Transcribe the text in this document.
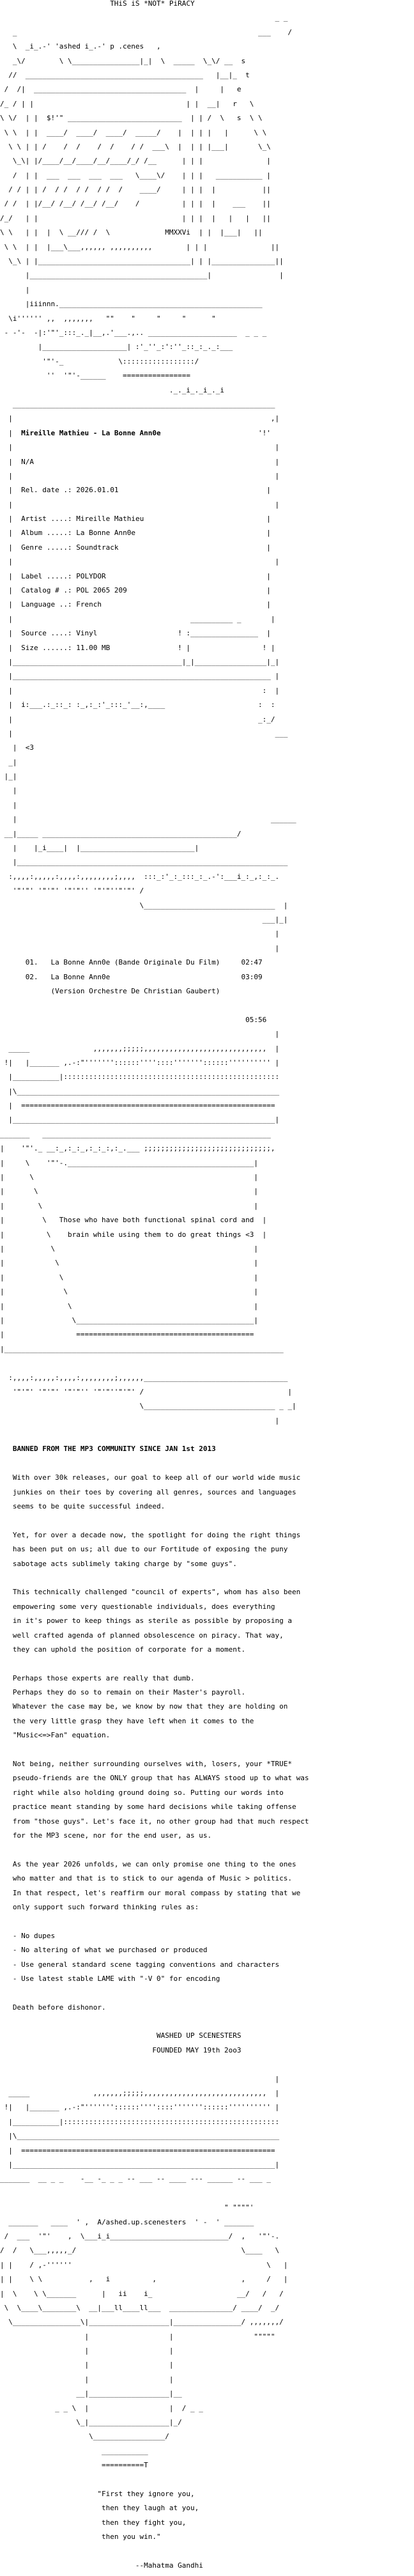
THiS iS *NOT* PiRACY

_ _

_                                                         ___    /

\  _i_.-' 'ashed i_.-' p .cenes   ,

_\/        \ \________________|_|  \  _____  \_\/ __  s

//  __________________________________________   |__|_  t

/  /|  ____________________________________  |     |   e

/_ / | |                                    | |  __|   r   \

\ \/  | |  $!'" ___________________________  | | /  \   s  \ \

\ \  | |  ____/  ____/  ____/  _____/    |  | | |   |      \ \

\ \ | | /    /  /    /  /    / /  ___\  |  | | |___|       \_\

\_\| |/____/__/____/__/____/_/ /__      | | |               |

/  | |  ___  ___  ___  ___   \____\/    | | |   ___________ |

/ / | | /  / /  / /  / /  /    ____/     | | |  |           ||

/ /  | |/__/ /__/ /__/ /__/    /          | | |  |    ___    ||

/_/   | |                                  | | |  |   |   |   ||

\ \   | |  |  \ __/// /  \             MMXXVi  | |  |___|   ||

\ \  | |  |___\___,,,,,, ,,,,,,,,,,        | | |               ||

\_\ | |____________________________________| | |_______________||

|__________________________________________|                |

|

|iiinnn.________________________________________________

\i'''''' ,,  ,,,,,,,   ""    "     "     "      "

- -'-  -|:'"'_:::_._|__,.'___.,.. _____________________  _ _ _

|____________________| :'_''_:':''_::_:_._:___

'"'-_             \:::::::::::::::::/

''  '"'-______    ================

._._i_._i_._i

______________________________________________________________

|                                                             ,|

|  Mireille Mathieu - La Bonne Ann0e                       '!'

|                                                              |

|  N/A                                                         |

|                                                              |

|  Rel. date .: 2026.01.01                                   |

|                                                              |

|  Artist ....: Mireille Mathieu                             |

|  Album .....: La Bonne Ann0e                               |

|  Genre .....: Soundtrack                                   |

|                                                              |

|  Label .....: POLYDOR                                      |

|  Catalog # .: POL 2065 209                                 |

|  Language ..: French                                       |

|                                          __________ _       |

|  Source ....: Vinyl                   ! :________________  |

|  Size ......: 11.00 MB                ! |                 ! |

|________________________________________|_|_________________|_|

|_____________________________________________________________ |

|                                                           :  |

|  i:___.:_::_: :_,:_:'_:::_'__:,____                      :  :

|                                                          _:_/

|                                                              ___

|  <3

_|

|_|

|

|

|                                                            ______

__|_____ ______________________________________________/

|    |_i____|  |___________________________|

|________________________________________________________________

:,,,,:,,,,,:,,,,:,,,,,,,,;,,,,  :::_:'_:_:::_:_.-':___i_:_,:_:_.

'"'"' '"'"' '"'"'' '"'"''"'"' /

\_______________________________  |

___|_|

|

|

01. La Bonne Ann0e (Bande Originale Du Film)	02:47

02. La Bonne Ann0e	03:09

(Version Orchestre De Christian Gaubert)

05:56

|

_____               ,,,,,,,;;;;;,,,,,,,,,,,,,,,,,,,,,,,,,,,,,  |

!|   |_______ ,.-:"'''''''::::::''''::::'''''''::::::'''''''''' |

|___________|:::::::::::::::::::::::::::::::::::::::::::::::::::

|\______________________________________________________________

|  ============================================================

|______________________________________________________________|

_______   ______________________________________________________

|    '"'._ __:_,:_:_,:_:_:,:_.___ ;;;;;;;;;;;;;;;;;;;;;;;;;;;;;;,

|     \    '"'-.____________________________________________|

|      \                                                    |

|       \                                                   |

|        \                                                  |

|         \   Those who have both functional spinal cord and  |

|          \    brain while using them to do great things <3  |

|           \                                               |

|            \                                              |

|             \                                             |

|              \                                            |

|               \                                           |

|                \__________________________________________|

|                 ==========================================

|__________________________________________________________________

:,,,,:,,,,,:,,,,:,,,,,,,,;,,,,,,__________________________________

'"'"' '"'"' '"'"'' '"'"''"'"' /                                  |

\_______________________________ _ _|

|

BANNED FROM THE MP3 COMMUNITY SINCE JAN 1st 2013

With over 30k releases, our goal to keep all of our world wide music

junkies on their toes by covering all genres, sources and languages

seems to be quite successful indeed.

Yet, for over a decade now, the spotlight for doing the right things

has been put on us; all due to our Fortitude of exposing the puny

sabotage acts sublimely taking charge by "some guys".

This technically challenged "council of experts", whom has also been

empowering some very questionable individuals, does everything

in it's power to keep things as sterile as possible by proposing a

well crafted agenda of planned obsolescence on piracy. That way,

they can uphold the position of corporate for a moment.

Perhaps those experts are really that dumb.

Perhaps they do so to remain on their Master's payroll.

Whatever the case may be, we know by now that they are holding on

the very little grasp they have left when it comes to the

"Music<=>Fan" equation.

Not being, neither surrounding ourselves with, losers, your *TRUE*

pseudo-friends are the ONLY group that has ALWAYS stood up to what was

right while also holding ground doing so. Putting our words into

practice meant standing by some hard decisions while taking offense

from "those guys". Let's face it, no other group had that much respect

for the MP3 scene, nor for the end user, as us.

As the year 2026 unfolds, we can only promise one thing to the ones

who matter and that is to stick to our agenda of Music > politics.

In that respect, let's reaffirm our moral compass by stating that we

only support such forward thinking rules as:

- No dupes

- No altering of what we purchased or produced

- Use general standard scene tagging conventions and characters

- Use latest stable LAME with "-V 0" for encoding

Death before dishonor.

WASHED UP SCENESTERS

FOUNDED MAY 19th 2oo3

|

_____               ,,,,,,,;;;;;,,,,,,,,,,,,,,,,,,,,,,,,,,,,,  |

!|   |_______ ,.-:"'''''''::::::''''::::'''''''::::::'''''''''' |

|___________|:::::::::::::::::::::::::::::::::::::::::::::::::::

|\______________________________________________________________

|  ============================================================

|______________________________________________________________|

_______  __ _ _    -__ -_ _ _ -- ___ -- ____ --- ______ -- ___ _

" """"'

_______   ____  ' ,  A/ashed.up.scenesters  ' -  ' _______

/  ___  '"'    ,  \___i_i____________________________/  ,   '"'-.

/  /   \___,,,,,_/                                       \____   \

| |    / ,-''''''                                              \   |

| |    \ \           ,   i          ,                    ,     /   |

|  \    \ \_______      |   ii    i_                    __/   /   /

\  \____\________\  __|___ll____ll___  _______________/ ____/  _/

\________________\|___________________|________________/ ,,,,,,,/

|                   |                   """""

|                   |

|                   |

|                   |

__|___________________|__

_ _ \  |                   |  / _ _

\_|___________________|_/

\_________________/

___________

==========T

"First they ignore you,

then they laugh at you,

then they fight you,

then you win."

--Mahatma Gandhi
